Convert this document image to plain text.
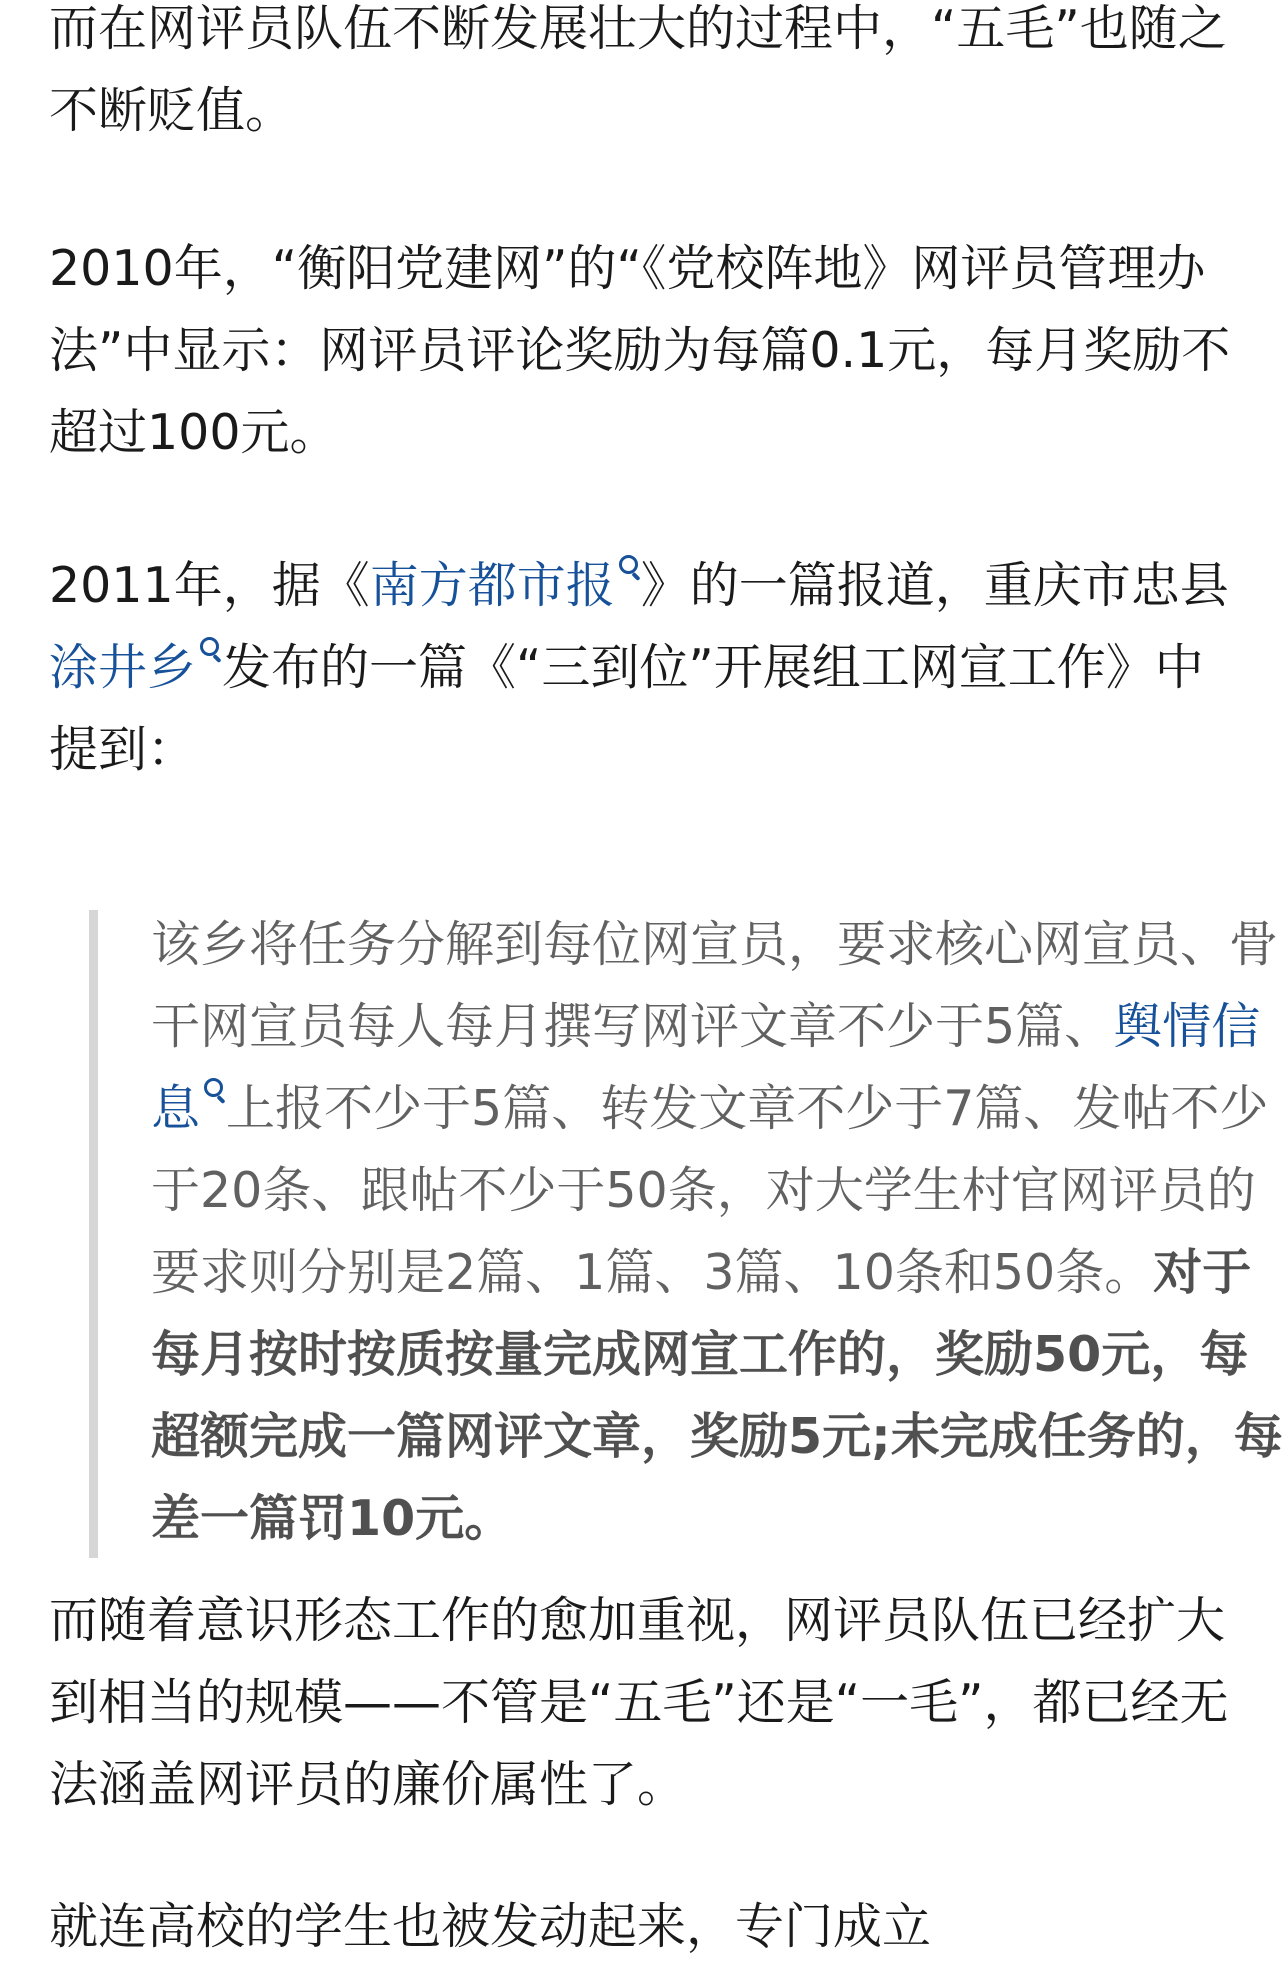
而在网评员队伍不断发展壮大的过程中，“五毛”也随之不断贬值。

2010年，“衡阳党建网”的“《党校阵地》网评员管理办法”中显示：网评员评论奖励为每篇0.1元，每月奖励不超过100元。

2011年，据《南方都市报 》的一篇报道，重庆市忠县涂井乡 发布的一篇《“三到位”开展组工网宣工作》中提到：

该乡将任务分解到每位网宣员，要求核心网宣员、骨干网宣员每人每月撰写网评文章不少于5篇、舆情信息 上报不少于5篇、转发文章不少于7篇、发帖不少于20条、跟帖不少于50条，对大学生村官网评员的要求则分别是2篇、1篇、3篇、10条和50条。对于每月按时按质按量完成网宣工作的，奖励50元，每超额完成一篇网评文章，奖励5元;未完成任务的，每差一篇罚10元。

而随着意识形态工作的愈加重视，网评员队伍已经扩大到相当的规模——不管是“五毛”还是“一毛”，都已经无法涵盖网评员的廉价属性了。

就连高校的学生也被发动起来，专门成立
